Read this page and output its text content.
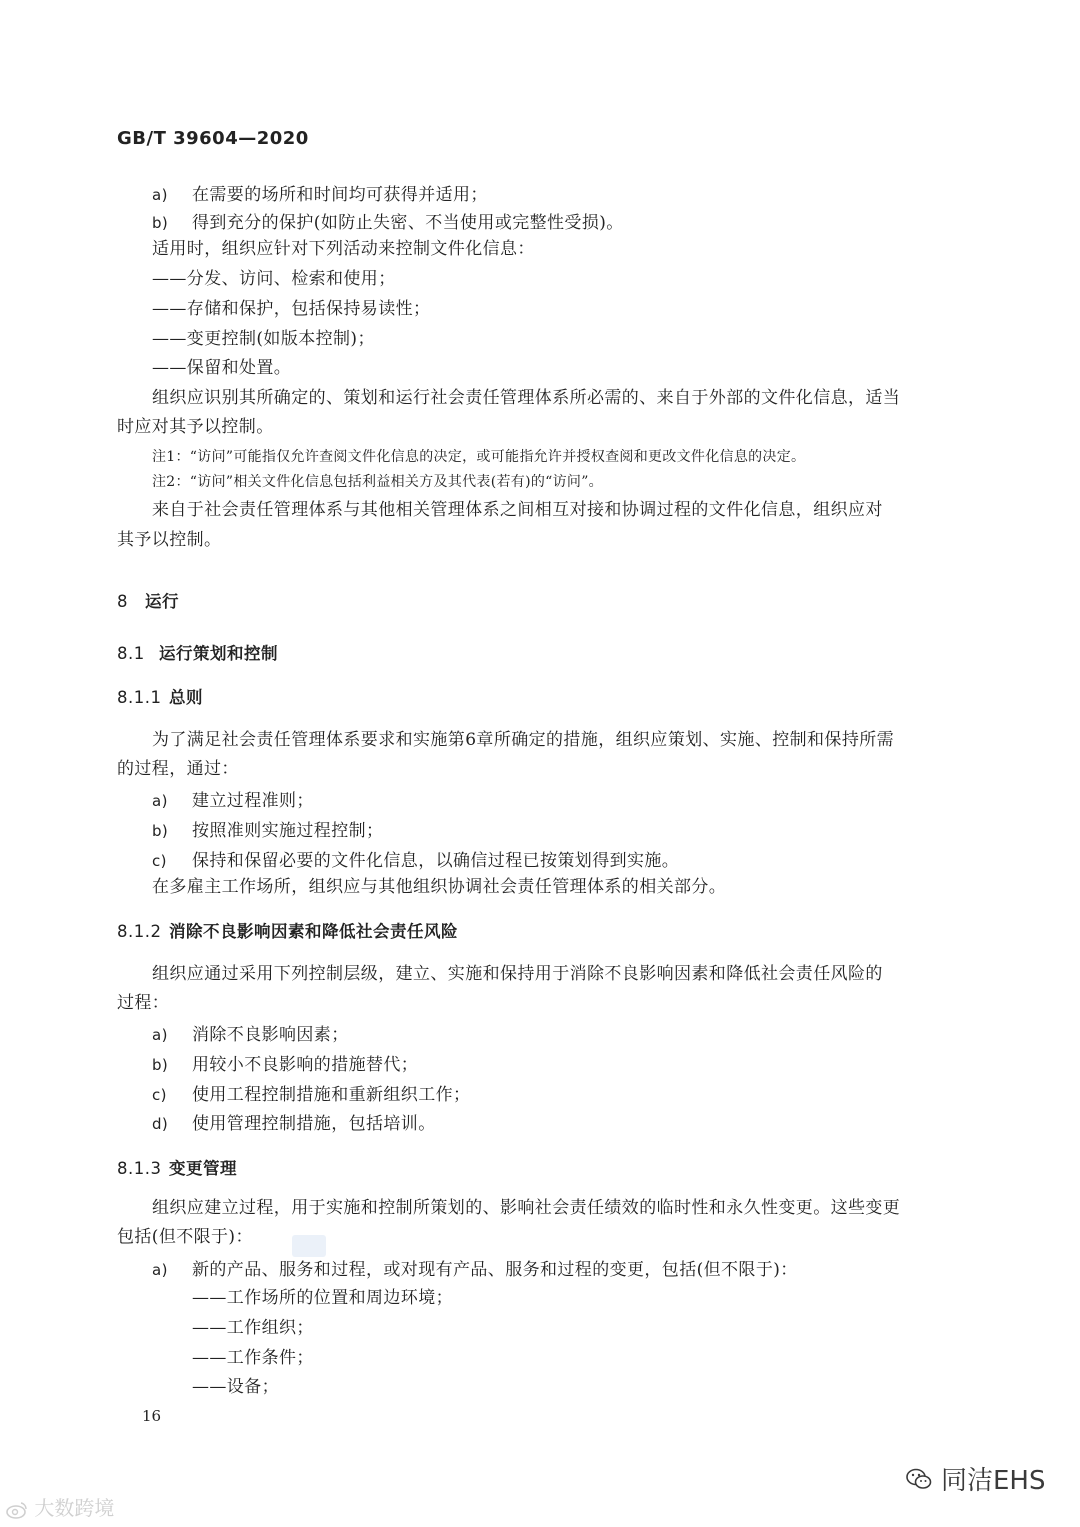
GB/T 39604—2020
a) 在需要的场所和时间均可获得并适用；
b) 得到充分的保护(如防止失密、不当使用或完整性受损)。
适用时，组织应针对下列活动来控制文件化信息：
——分发、访问、检索和使用；
——存储和保护，包括保持易读性；
——变更控制(如版本控制)；
——保留和处置。
组织应识别其所确定的、策划和运行社会责任管理体系所必需的、来自于外部的文件化信息，适当
时应对其予以控制。
注1：“访问”可能指仅允许查阅文件化信息的决定，或可能指允许并授权查阅和更改文件化信息的决定。
注2：“访问”相关文件化信息包括利益相关方及其代表(若有)的“访问”。
来自于社会责任管理体系与其他相关管理体系之间相互对接和协调过程的文件化信息，组织应对
其予以控制。
8 运行
8.1 运行策划和控制
8.1.1 总则
为了满足社会责任管理体系要求和实施第6章所确定的措施，组织应策划、实施、控制和保持所需
的过程，通过：
a) 建立过程准则；
b) 按照准则实施过程控制；
c) 保持和保留必要的文件化信息，以确信过程已按策划得到实施。
在多雇主工作场所，组织应与其他组织协调社会责任管理体系的相关部分。
8.1.2 消除不良影响因素和降低社会责任风险
组织应通过采用下列控制层级，建立、实施和保持用于消除不良影响因素和降低社会责任风险的
过程：
a) 消除不良影响因素；
b) 用较小不良影响的措施替代；
c) 使用工程控制措施和重新组织工作；
d) 使用管理控制措施，包括培训。
8.1.3 变更管理
组织应建立过程，用于实施和控制所策划的、影响社会责任绩效的临时性和永久性变更。这些变更
包括(但不限于)：
a) 新的产品、服务和过程，或对现有产品、服务和过程的变更，包括(但不限于)：
——工作场所的位置和周边环境；
——工作组织；
——工作条件；
——设备；
16
大数跨境
同洁EHS
